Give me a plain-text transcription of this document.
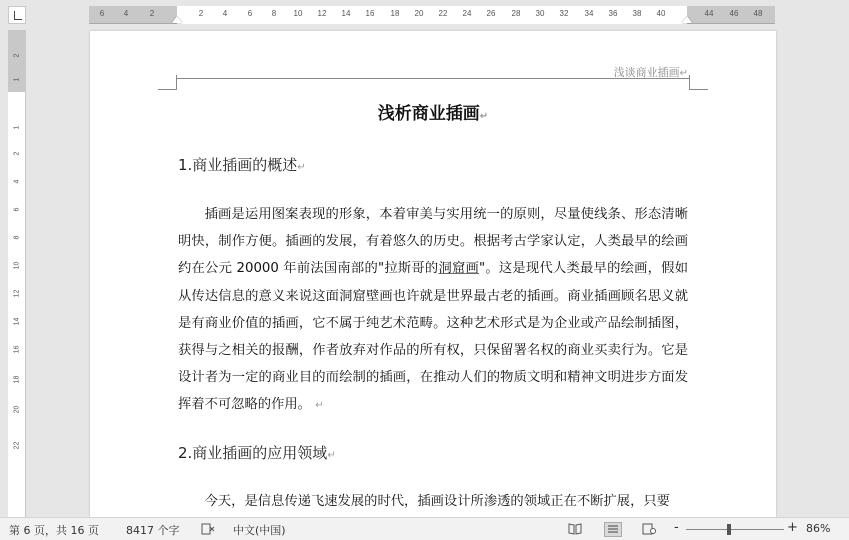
6 4	2	2 4	6 8 10 12 14 16 18 20 22 24 26 28 30 32 34 36 38 40	44 46 48
2
1
1
2
4
6
8
10
12
14
16
18
20
22
浅谈商业插画↵
浅析商业插画↵
1.商业插画的概述↵
插画是运用图案表现的形象，本着审美与实用统一的原则，尽量使线条、形态清晰明快，制作方便。插画的发展，有着悠久的历史。根据考古学家认定，人类最早的绘画约在公元 20000 年前法国南部的"拉斯哥的洞窟画"。这是现代人类最早的绘画，假如从传达信息的意义来说这面洞窟壁画也许就是世界最古老的插画。商业插画顾名思义就是有商业价值的插画，它不属于纯艺术范畴。这种艺术形式是为企业或产品绘制插图，获得与之相关的报酬，作者放弃对作品的所有权，只保留署名权的商业买卖行为。它是设计者为一定的商业目的而绘制的插画，在推动人们的物质文明和精神文明进步方面发挥着不可忽略的作用。 ↵
2.商业插画的应用领域↵
今天，是信息传递飞速发展的时代，插画设计所渗透的领域正在不断扩展，只要
第 6 页，共 16 页 8417 个字	中文(中国)	-	+ 86%
